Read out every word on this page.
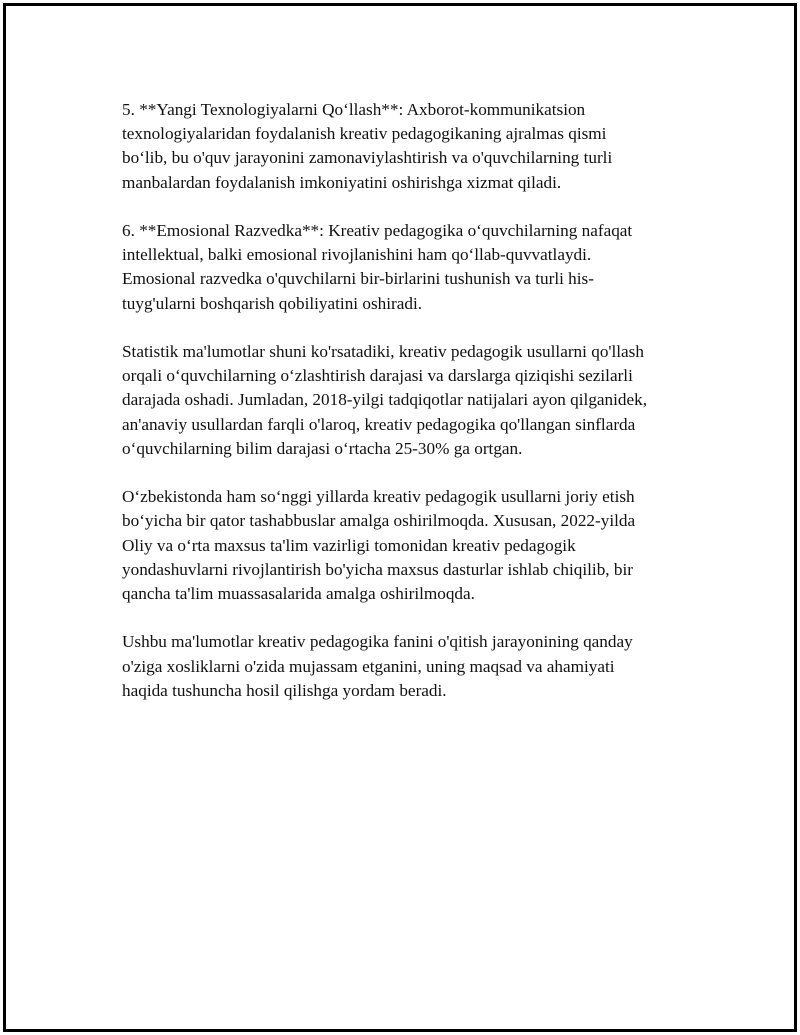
5. **Yangi Texnologiyalarni Qo‘llash**: Axborot-kommunikatsion
texnologiyalaridan foydalanish kreativ pedagogikaning ajralmas qismi
bo‘lib, bu o'quv jarayonini zamonaviylashtirish va o'quvchilarning turli
manbalardan foydalanish imkoniyatini oshirishga xizmat qiladi.

6. **Emosional Razvedka**: Kreativ pedagogika o‘quvchilarning nafaqat
intellektual, balki emosional rivojlanishini ham qo‘llab-quvvatlaydi.
Emosional razvedka o'quvchilarni bir-birlarini tushunish va turli his-
tuyg'ularni boshqarish qobiliyatini oshiradi.

Statistik ma'lumotlar shuni ko'rsatadiki, kreativ pedagogik usullarni qo'llash
orqali o‘quvchilarning o‘zlashtirish darajasi va darslarga qiziqishi sezilarli
darajada oshadi. Jumladan, 2018-yilgi tadqiqotlar natijalari ayon qilganidek,
an'anaviy usullardan farqli o'laroq, kreativ pedagogika qo'llangan sinflarda
o‘quvchilarning bilim darajasi o‘rtacha 25-30% ga ortgan.

O‘zbekistonda ham so‘nggi yillarda kreativ pedagogik usullarni joriy etish
bo‘yicha bir qator tashabbuslar amalga oshirilmoqda. Xususan, 2022-yilda
Oliy va o‘rta maxsus ta'lim vazirligi tomonidan kreativ pedagogik
yondashuvlarni rivojlantirish bo'yicha maxsus dasturlar ishlab chiqilib, bir
qancha ta'lim muassasalarida amalga oshirilmoqda.

Ushbu ma'lumotlar kreativ pedagogika fanini o'qitish jarayonining qanday
o'ziga xosliklarni o'zida mujassam etganini, uning maqsad va ahamiyati
haqida tushuncha hosil qilishga yordam beradi.
